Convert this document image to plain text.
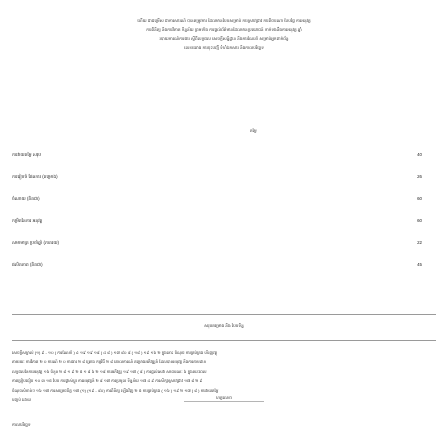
ហើយ ជាជម្រើស ជាការសារណ៍ បានតម្រូវការ ដែលមានបែបសម្រាប់ ការស្រាវជ្រាវ ការពិចារណា បែបផ្លែ ការអនុវត្ត
ការពិនិត្យ និងការវិភាគ ទិន្នន័យ ព្រមទាំង ការផ្ដល់ព័ត៌មានដែលមានប្រយោជន៍ ទាក់ទងនឹងការអនុវត្ត ឆ្នាំ
របាយការណ៍ការងារ ស្ដីពីលទ្ធផល សេចក្ដីសន្និដ្ឋាន និងការណែនាំ សម្រាប់អ្នកពាក់ព័ន្ធ
លេខយោង ការចុះបញ្ជី ទំហំឯកសារ និងកាលបរិច្ឆេទ
តម្លៃ
ការវាយតម្លៃ សរុប	40
ការរៀបចំ ផែនការ (គម្រោង)	26
ចំណាយ (គិតជា)	60
កម្រិតនៃការ អនុវត្ត	60
សមាមាត្រ ប្រចាំឆ្នាំ (ភាគរយ)	22
ផលិតភាព (គិតជា)	45
សរុបគម្រោង និង បែបទិន្ន
សេចក្ដីសម្គាល់ (១) ៩ - ១០ ( ការណែនាំ ) ៤ ១៩ ១៩ ១៨ ( ៤ ៨ ) ១៧ ៨០ ៨ ( ១៨ ) ១៩ ១៦ ២ ក្នុងនោះ ចំណុច ការគ្រប់គ្រង ហិរញ្ញវត្ថុ
តាមរយៈ ការវិភាគ ២ ០ ការណ៍ ២ ០ ការងារ ២ ៨ គ្រោង កម្មវិធី ២ ៨ គោលការណ៍ គម្រោងអភិវឌ្ឍន៍ ដែលបានអនុវត្ត និងការតាមដាន
លទ្ធផលនៃការអនុវត្ត ១៦ ចំនួន ២ ៨ ១ ៩ ២ ៥ ១ ៨ ៦ ២ ១៨ ការអភិវឌ្ឍ ១៩ ១៧ ( ៨ ) ការផ្ដល់សេវា សាធារណៈ ៦ ក្នុងរយៈពេល
ការប្រៀបធៀប ១០ ៣ ១៥ បែប ការផ្លាស់ប្ដូរ ការអនុវត្តន៍ ២ ៨ ១៧ ការប្រមូល ទិន្នន័យ ១៧ ៤ ៩ ការសិក្សាស្រាវជ្រាវ ១៧ ៨ ២ ៩
ចំណុចសំខាន់ៗ ១៦ ១៧ ការសម្រេចចិត្ត ១៧ (១) (១៩ - ៨០) ការពិនិត្យ ឡើងវិញ ២ ៥ ការគ្រប់គ្រង ( ១៦ ) ១៩ ២ ១៧ ( ៨ ) ការវាយតម្លៃ
បញ្ចប់ ដោយ	ហត្ថលេខា
កាលបរិច្ឆេទ
